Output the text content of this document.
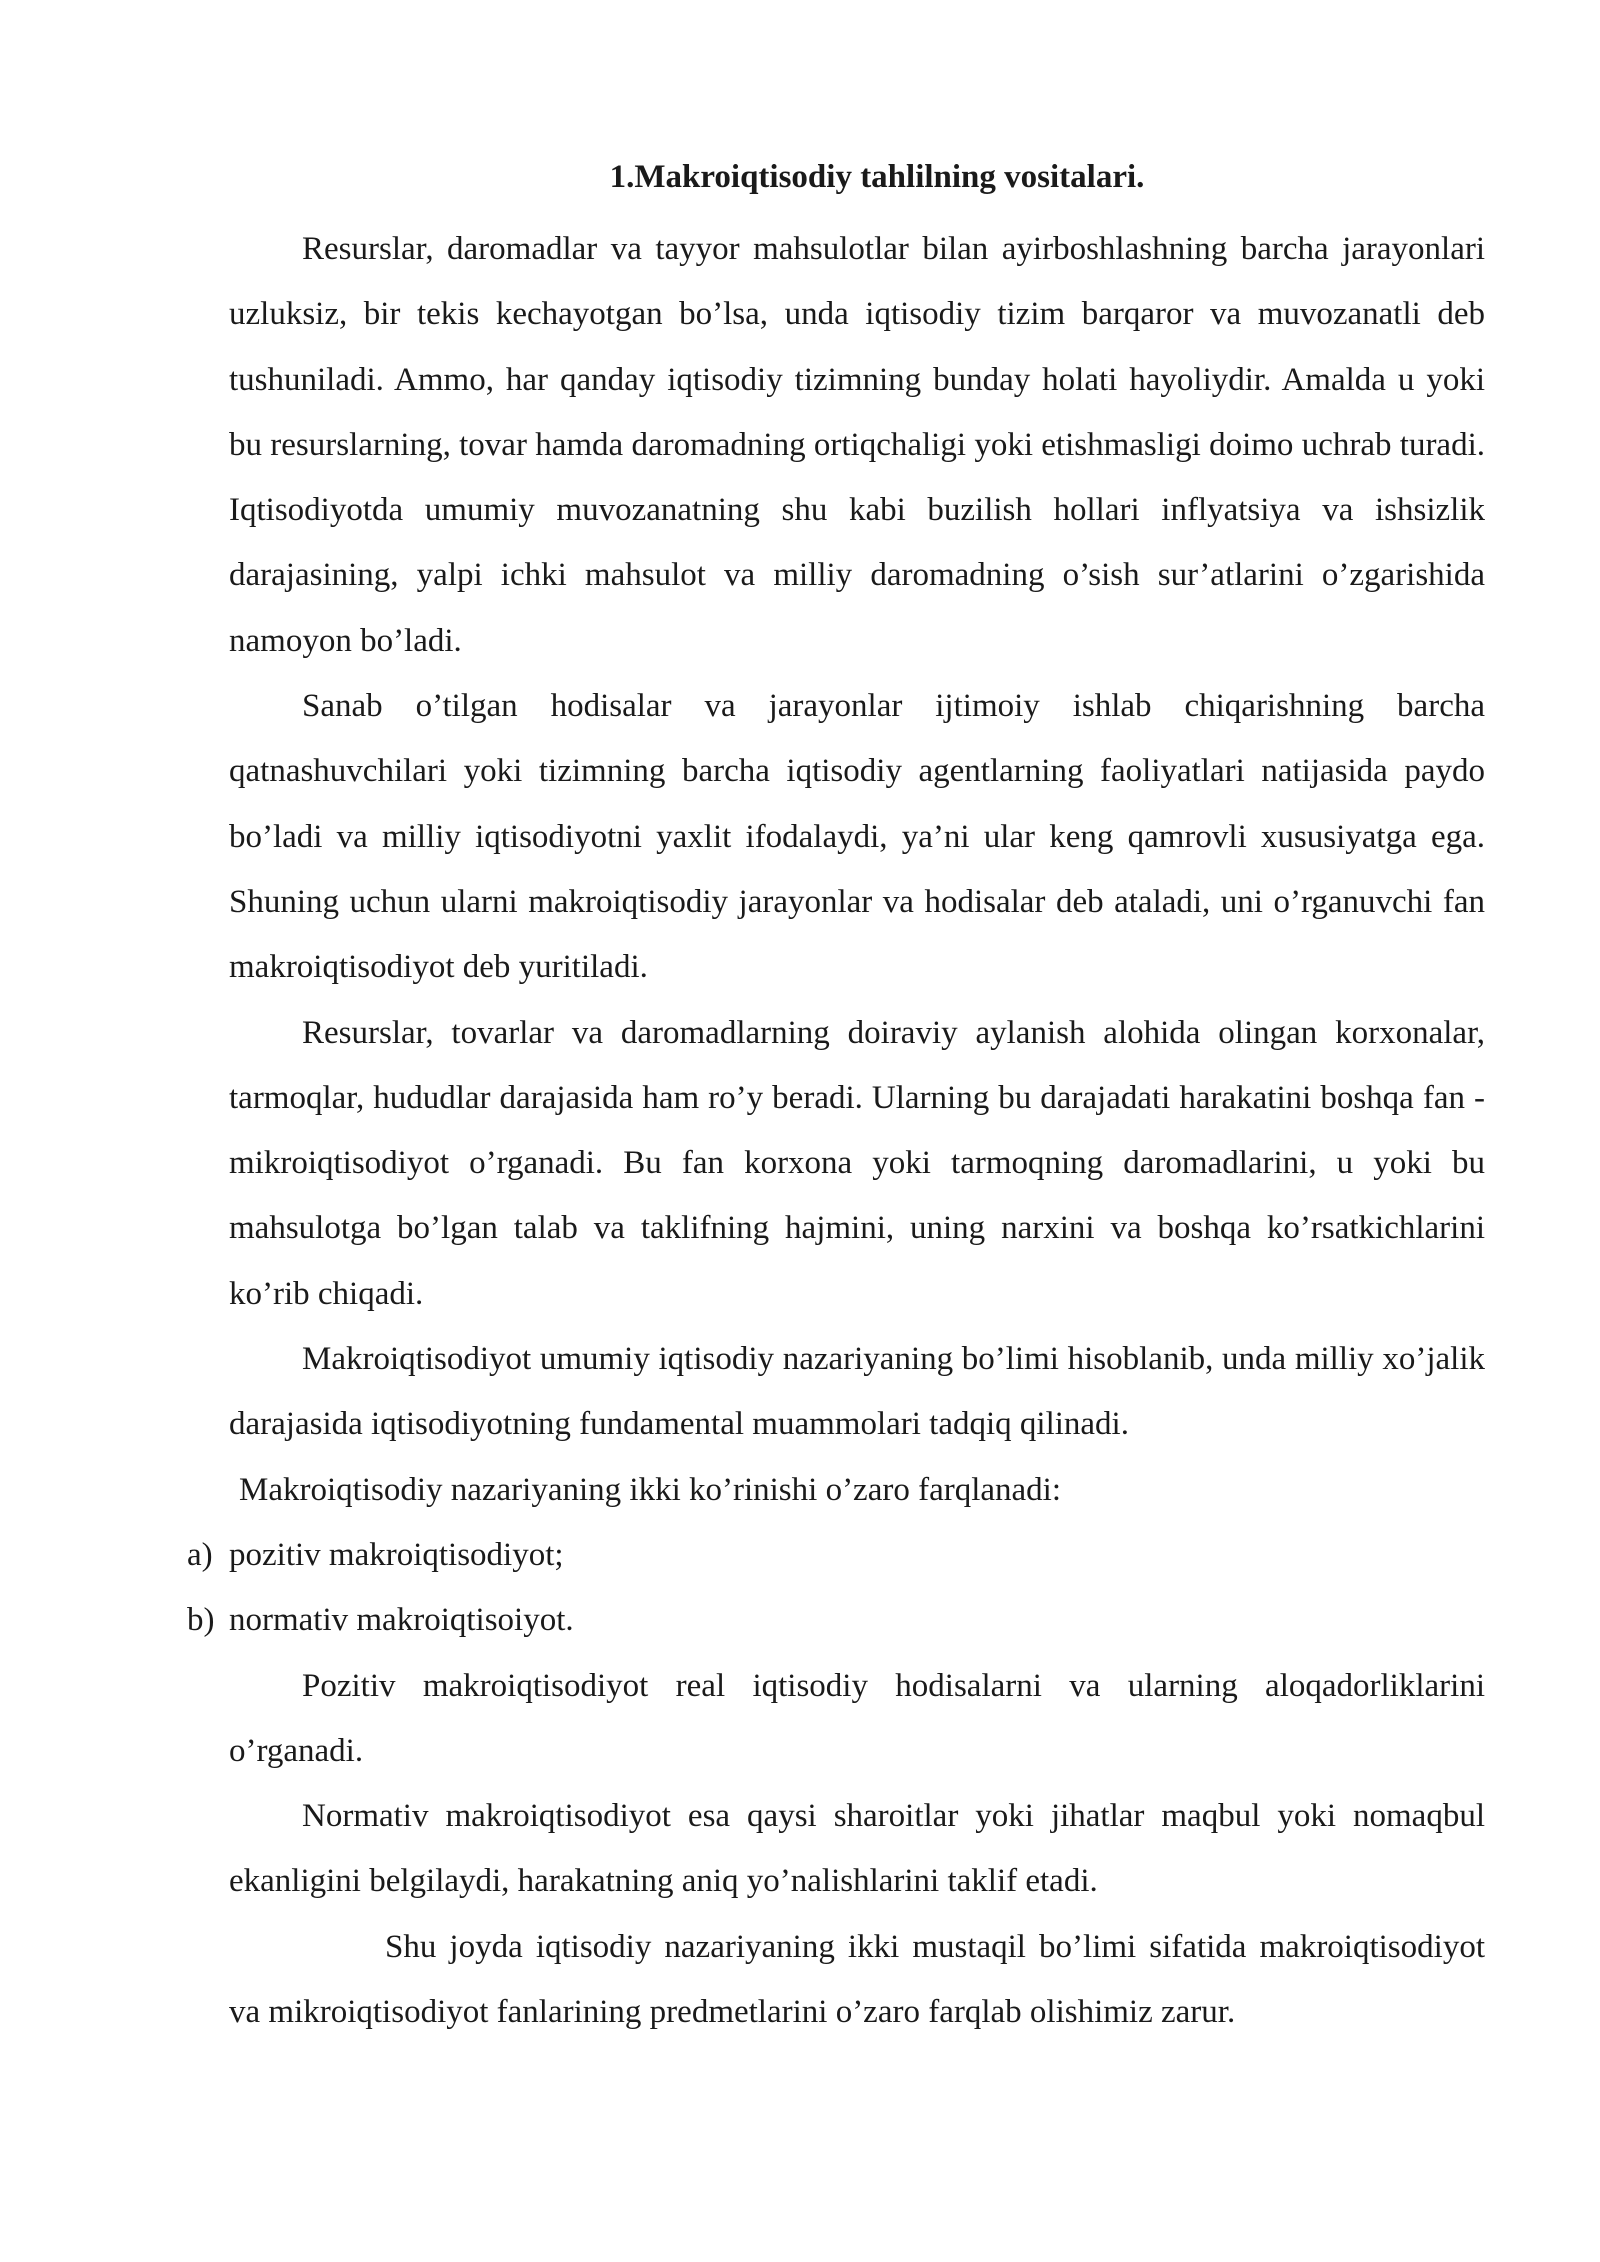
1.Makroiqtisodiy tahlilning vositalari.

Resurslar, daromadlar va tayyor mahsulotlar bilan ayirboshlashning barcha jarayonlari uzluksiz, bir tekis kechayotgan bo’lsa, unda iqtisodiy tizim barqaror va muvozanatli deb tushuniladi. Ammo, har qanday iqtisodiy tizimning bunday holati hayoliydir. Amalda u yoki bu resurslarning, tovar hamda daromadning ortiqchaligi yoki etishmasligi doimo uchrab turadi. Iqtisodiyotda umumiy muvozanatning shu kabi buzilish hollari inflyatsiya va ishsizlik darajasining, yalpi ichki mahsulot va milliy daromadning o’sish sur’atlarini o’zgarishida namoyon bo’ladi.

Sanab o’tilgan hodisalar va jarayonlar ijtimoiy ishlab chiqarishning barcha qatnashuvchilari yoki tizimning barcha iqtisodiy agentlarning faoliyatlari natijasida paydo bo’ladi va milliy iqtisodiyotni yaxlit ifodalaydi, ya’ni ular keng qamrovli xususiyatga ega. Shuning uchun ularni makroiqtisodiy jarayonlar va hodisalar deb ataladi, uni o’rganuvchi fan makroiqtisodiyot deb yuritiladi.

Resurslar, tovarlar va daromadlarning doiraviy aylanish alohida olingan korxonalar, tarmoqlar, hududlar darajasida ham ro’y beradi. Ularning bu darajadati harakatini boshqa fan - mikroiqtisodiyot o’rganadi. Bu fan korxona yoki tarmoqning daromadlarini, u yoki bu mahsulotga bo’lgan talab va taklifning hajmini, uning narxini va boshqa ko’rsatkichlarini ko’rib chiqadi.

Makroiqtisodiyot umumiy iqtisodiy nazariyaning bo’limi hisoblanib, unda milliy xo’jalik darajasida iqtisodiyotning fundamental muammolari tadqiq qilinadi.

Makroiqtisodiy nazariyaning ikki ko’rinishi o’zaro farqlanadi:

a) pozitiv makroiqtisodiyot;
b) normativ makroiqtisoiyot.

Pozitiv makroiqtisodiyot real iqtisodiy hodisalarni va ularning aloqadorliklarini o’rganadi.

Normativ makroiqtisodiyot esa qaysi sharoitlar yoki jihatlar maqbul yoki nomaqbul ekanligini belgilaydi, harakatning aniq yo’nalishlarini taklif etadi.

Shu joyda iqtisodiy nazariyaning ikki mustaqil bo’limi sifatida makroiqtisodiyot va mikroiqtisodiyot fanlarining predmetlarini o’zaro farqlab olishimiz zarur.
